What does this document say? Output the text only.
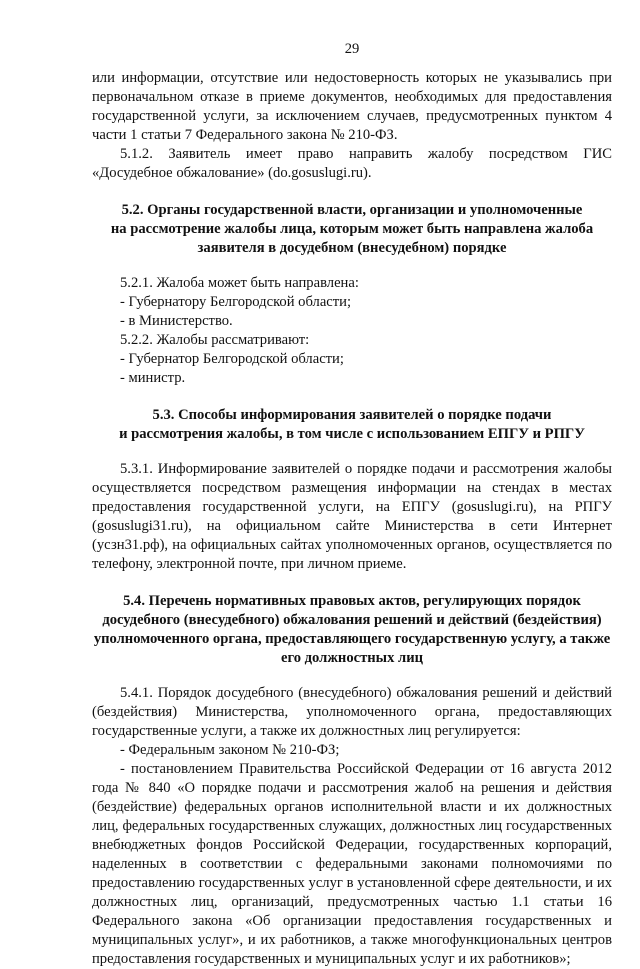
29

или информации, отсутствие или недостоверность которых не указывались при первоначальном отказе в приеме документов, необходимых для предоставления государственной услуги, за исключением случаев, предусмотренных пунктом 4 части 1 статьи 7 Федерального закона № 210-ФЗ.

5.1.2. Заявитель имеет право направить жалобу посредством ГИС «Досудебное обжалование» (do.gosuslugi.ru).

5.2. Органы государственной власти, организации и уполномоченные
на рассмотрение жалобы лица, которым может быть направлена жалоба
заявителя в досудебном (внесудебном) порядке

5.2.1. Жалоба может быть направлена:

- Губернатору Белгородской области;

- в Министерство.

5.2.2. Жалобы рассматривают:

- Губернатор Белгородской области;

- министр.

5.3. Способы информирования заявителей о порядке подачи
и рассмотрения жалобы, в том числе с использованием ЕПГУ и РПГУ

5.3.1. Информирование заявителей о порядке подачи и рассмотрения жалобы осуществляется посредством размещения информации на стендах в местах предоставления государственной услуги, на ЕПГУ (gosuslugi.ru), на РПГУ (gosuslugi31.ru), на официальном сайте Министерства в сети Интернет (усзн31.рф), на официальных сайтах уполномоченных органов, осуществляется по телефону, электронной почте, при личном приеме.

5.4. Перечень нормативных правовых актов, регулирующих порядок
досудебного (внесудебного) обжалования решений и действий (бездействия)
уполномоченного органа, предоставляющего государственную услугу, а также
его должностных лиц

5.4.1. Порядок досудебного (внесудебного) обжалования решений и действий (бездействия) Министерства, уполномоченного органа, предоставляющих государственные услуги, а также их должностных лиц регулируется:

- Федеральным законом № 210-ФЗ;

- постановлением Правительства Российской Федерации от 16 августа 2012 года № 840 «О порядке подачи и рассмотрения жалоб на решения и действия (бездействие) федеральных органов исполнительной власти и их должностных лиц, федеральных государственных служащих, должностных лиц государственных внебюджетных фондов Российской Федерации, государственных корпораций, наделенных в соответствии с федеральными законами полномочиями по предоставлению государственных услуг в установленной сфере деятельности, и их должностных лиц, организаций, предусмотренных частью 1.1 статьи 16 Федерального закона «Об организации предоставления государственных и муниципальных услуг», и их работников, а также многофункциональных центров предоставления государственных и муниципальных услуг и их работников»;
